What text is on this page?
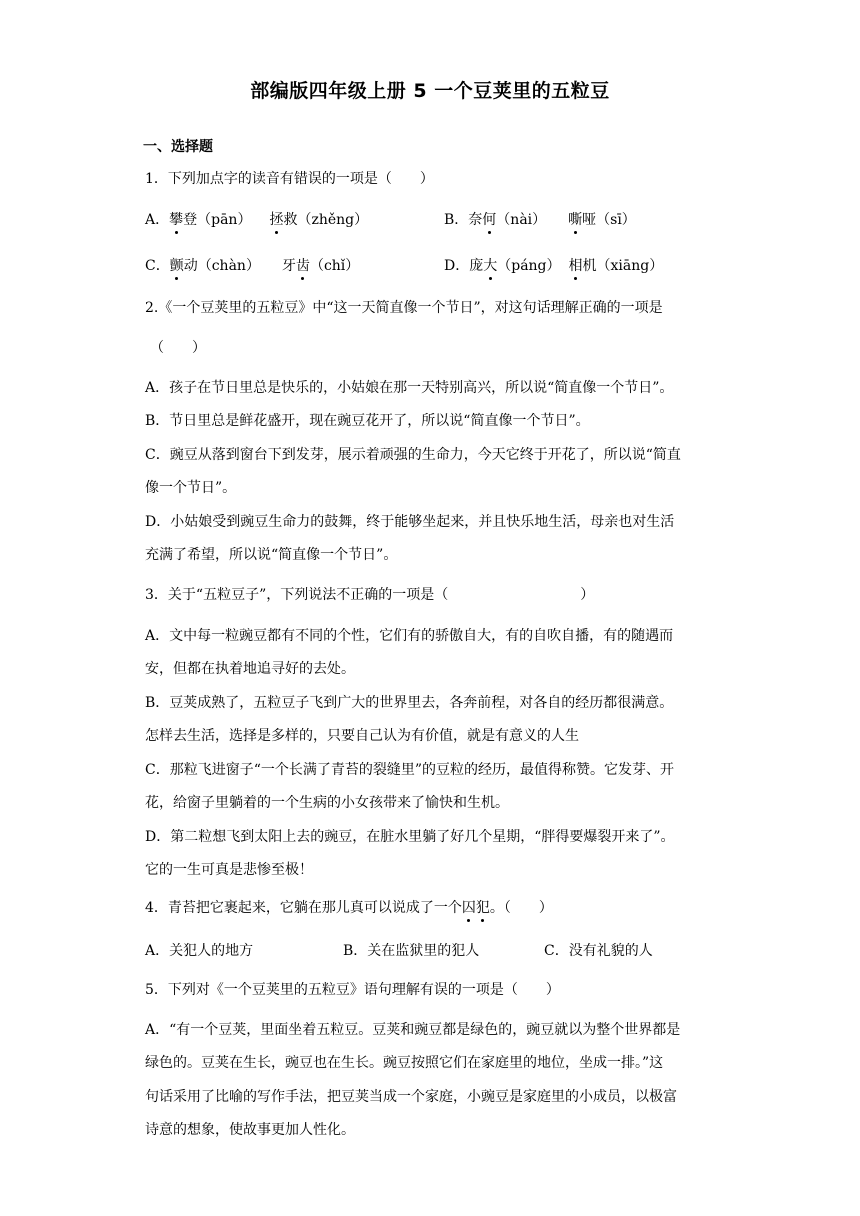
部编版四年级上册 5 一个豆荚里的五粒豆
一、选择题
1．下列加点字的读音有错误的一项是（　　）
A．攀登（pān） 拯救（zhěng）	B．奈何（nài） 嘶哑（sī）
C．颤动（chàn） 牙齿（chǐ）	D．庞大（páng） 相机（xiāng）
2.《一个豆荚里的五粒豆》中“这一天简直像一个节日”，对这句话理解正确的一项是
（　　）
A．孩子在节日里总是快乐的，小姑娘在那一天特别高兴，所以说“简直像一个节日”。
B．节日里总是鲜花盛开，现在豌豆花开了，所以说“简直像一个节日”。
C．豌豆从落到窗台下到发芽，展示着顽强的生命力，今天它终于开花了，所以说“简直
像一个节日”。
D．小姑娘受到豌豆生命力的鼓舞，终于能够坐起来，并且快乐地生活，母亲也对生活
充满了希望，所以说“简直像一个节日”。
3．关于“五粒豆子”，下列说法不正确的一项是（	）
A．文中每一粒豌豆都有不同的个性，它们有的骄傲自大，有的自吹自播，有的随遇而
安，但都在执着地追寻好的去处。
B．豆荚成熟了，五粒豆子飞到广大的世界里去，各奔前程，对各自的经历都很满意。
怎样去生活，选择是多样的，只要自己认为有价值，就是有意义的人生
C．那粒飞进窗子“一个长满了青苔的裂缝里”的豆粒的经历，最值得称赞。它发芽、开
花，给窗子里躺着的一个生病的小女孩带来了愉快和生机。
D．第二粒想飞到太阳上去的豌豆，在脏水里躺了好几个星期，“胖得要爆裂开来了”。
它的一生可真是悲惨至极！
4．青苔把它裹起来，它躺在那儿真可以说成了一个囚犯。（　　）
A．关犯人的地方	B．关在监狱里的犯人	C．没有礼貌的人
5．下列对《一个豆荚里的五粒豆》语句理解有误的一项是（　　）
A．“有一个豆荚，里面坐着五粒豆。豆荚和豌豆都是绿色的，豌豆就以为整个世界都是
绿色的。豆荚在生长，豌豆也在生长。豌豆按照它们在家庭里的地位，坐成一排。”这
句话采用了比喻的写作手法，把豆荚当成一个家庭，小豌豆是家庭里的小成员，以极富
诗意的想象，使故事更加人性化。
